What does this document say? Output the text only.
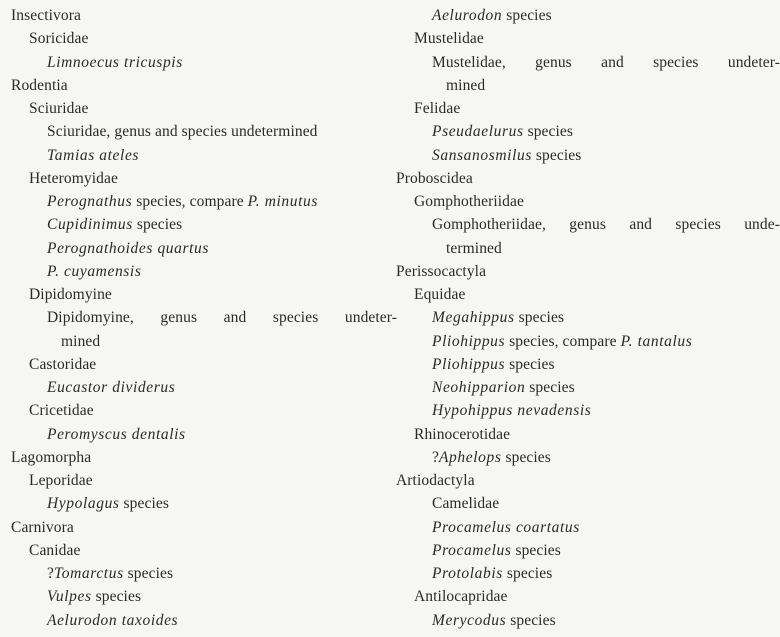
Insectivora
Soricidae
Limnoecus tricuspis
Rodentia
Sciuridae
Sciuridae, genus and species undetermined
Tamias ateles
Heteromyidae
Perognathus species, compare P. minutus
Cupidinimus species
Perognathoides quartus
P. cuyamensis
Dipidomyine
Dipidomyine, genus and species undeter-
mined
Castoridae
Eucastor dividerus
Cricetidae
Peromyscus dentalis
Lagomorpha
Leporidae
Hypolagus species
Carnivora
Canidae
?Tomarctus species
Vulpes species
Aelurodon taxoides
Aelurodon species
Mustelidae
Mustelidae, genus and species undeter-
mined
Felidae
Pseudaelurus species
Sansanosmilus species
Proboscidea
Gomphotheriidae
Gomphotheriidae, genus and species unde-
termined
Perissocactyla
Equidae
Megahippus species
Pliohippus species, compare P. tantalus
Pliohippus species
Neohipparion species
Hypohippus nevadensis
Rhinocerotidae
?Aphelops species
Artiodactyla
Camelidae
Procamelus coartatus
Procamelus species
Protolabis species
Antilocapridae
Merycodus species
